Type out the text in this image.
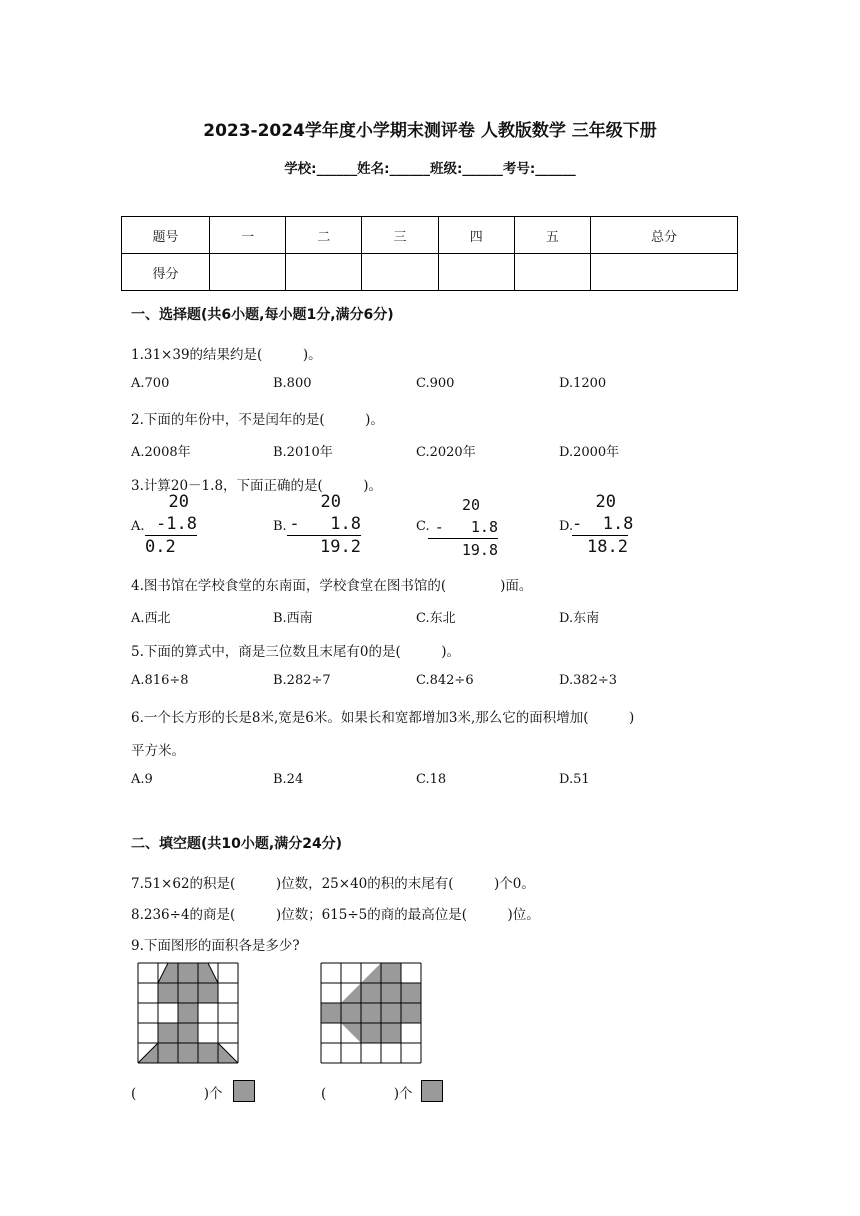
2023-2024学年度小学期末测评卷 人教版数学 三年级下册
学校:______姓名:______班级:______考号:______
题号	一	二	三	四	五	总分
得分						
一、选择题(共6小题,每小题1分,满分6分)
1.31×39的结果约是(　　　)。
A.700	B.800	C.900	D.1200
2.下面的年份中，不是闰年的是(　　　)。
A.2008年	B.2010年	C.2020年	D.2000年
3.计算20－1.8，下面正确的是(　　　)。
A.
20
-1.8
0.2
B.
20
-   1.8
19.2
C.
20
-   1.8
19.8
D.
20
-  1.8
18.2
4.图书馆在学校食堂的东南面，学校食堂在图书馆的(　　　　)面。
A.西北	B.西南	C.东北	D.东南
5.下面的算式中，商是三位数且末尾有0的是(　　　)。
A.816÷8	B.282÷7	C.842÷6	D.382÷3
6.一个长方形的长是8米,宽是6米。如果长和宽都增加3米,那么它的面积增加(　　　)
平方米。
A.9	B.24	C.18	D.51
二、填空题(共10小题,满分24分)
7.51×62的积是(　　　)位数，25×40的积的末尾有(　　　)个0。
8.236÷4的商是(　　　)位数；615÷5的商的最高位是(　　　)位。
9.下面图形的面积各是多少?
(　　　　　)个	(　　　　　)个
